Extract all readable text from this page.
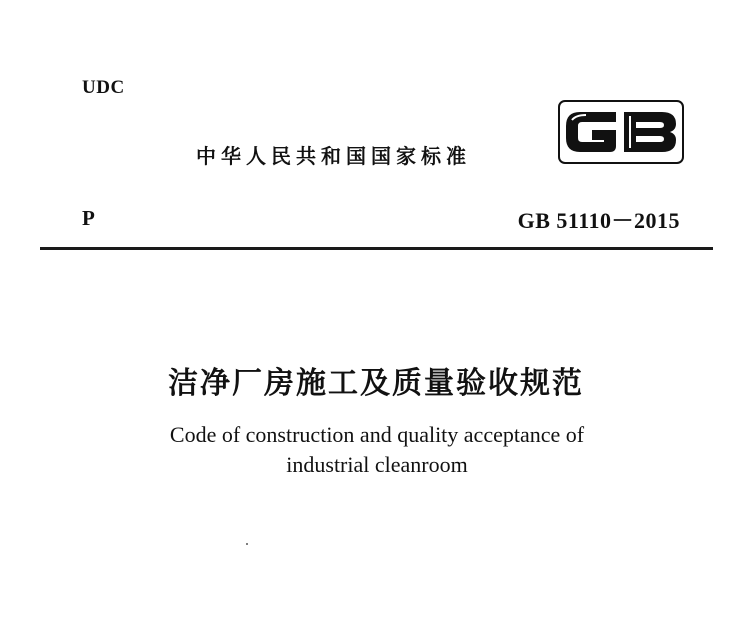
UDC
中华人民共和国国家标准
P	GB 51110－2015
洁净厂房施工及质量验收规范
Code of construction and quality acceptance of
industrial cleanroom
